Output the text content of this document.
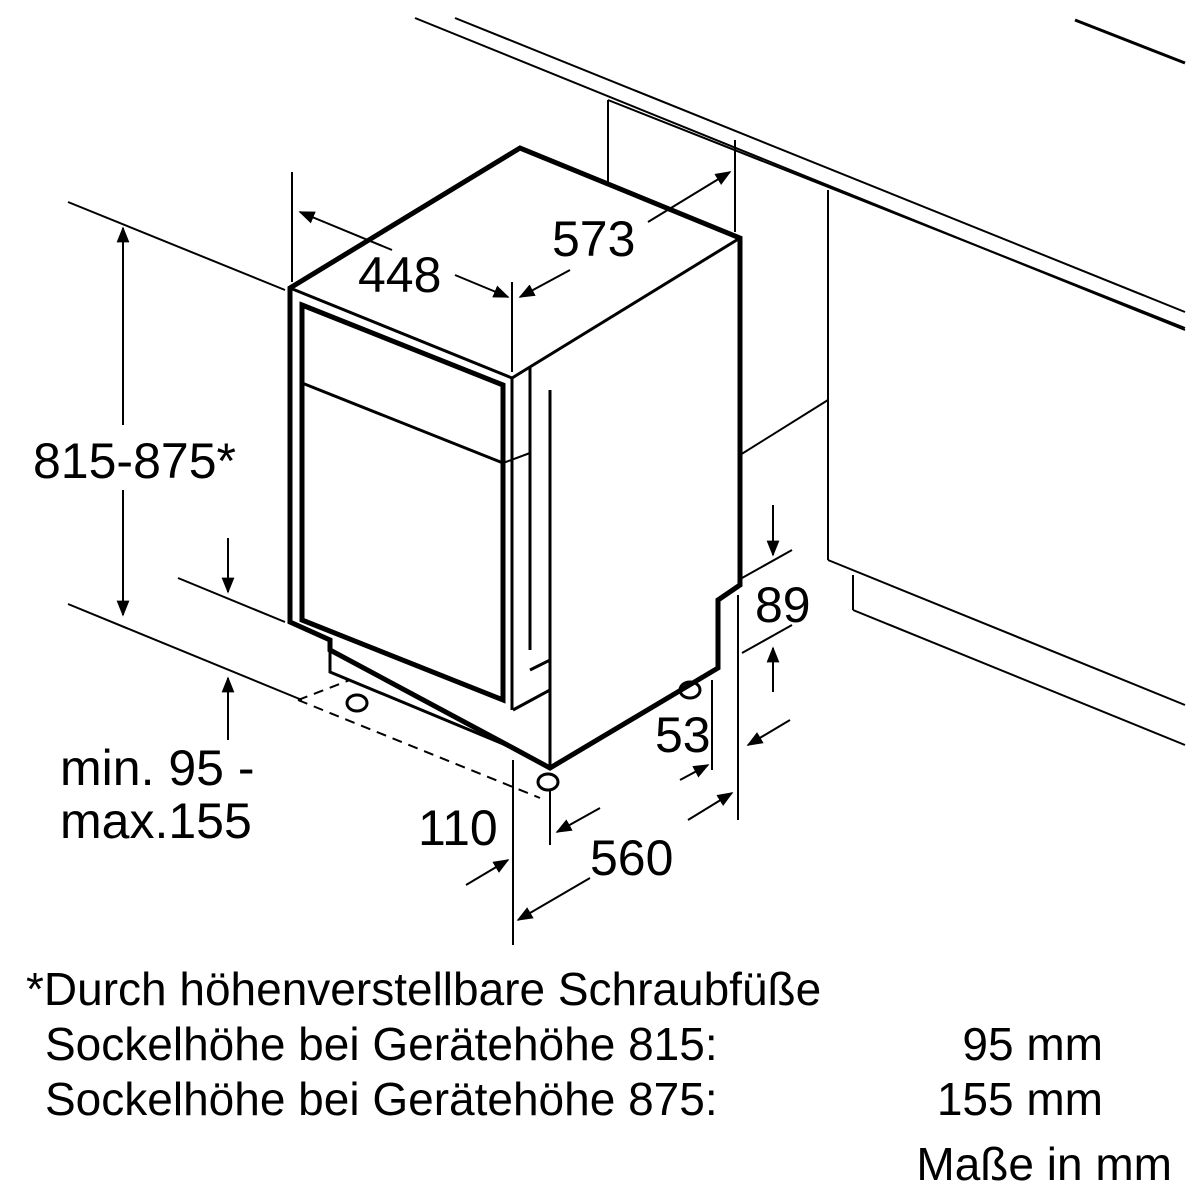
448
573
815-875*
min. 95 -
max.155	110
560
53
89
*Durch höhenverstellbare Schraubfüße
Sockelhöhe bei Gerätehöhe 815:	95 mm
Sockelhöhe bei Gerätehöhe 875:	155 mm
Maße in mm
